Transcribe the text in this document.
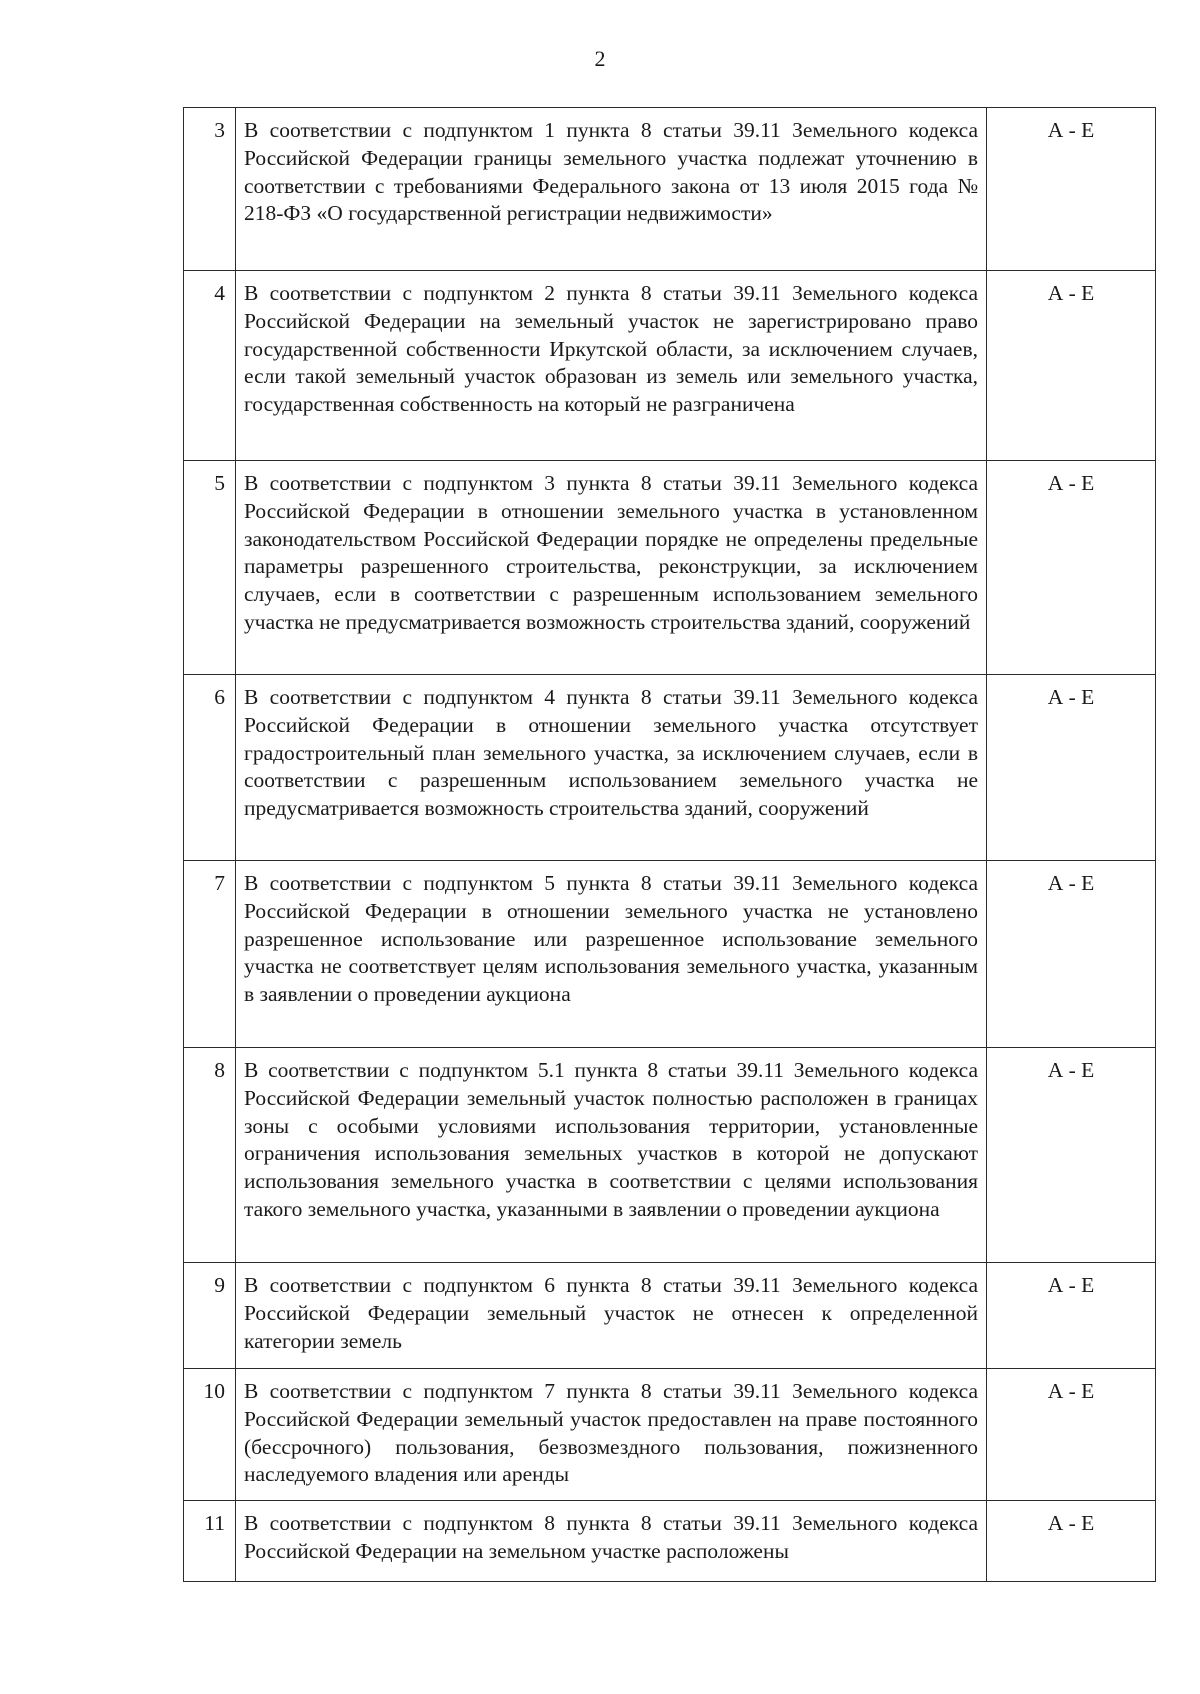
2
3	В соответствии с подпунктом 1 пункта 8 статьи 39.11 Земельного кодекса Российской Федерации границы земельного участка подлежат уточнению в соответствии с требованиями Федерального закона от 13 июля 2015 года № 218-ФЗ «О государственной регистрации недвижимости»	А - Е
4	В соответствии с подпунктом 2 пункта 8 статьи 39.11 Земельного кодекса Российской Федерации на земельный участок не зарегистрировано право государственной собственности Иркутской области, за исключением случаев, если такой земельный участок образован из земель или земельного участка, государственная собственность на который не разграничена	А - Е
5	В соответствии с подпунктом 3 пункта 8 статьи 39.11 Земельного кодекса Российской Федерации в отношении земельного участка в установленном законодательством Российской Федерации порядке не определены предельные параметры разрешенного строительства, реконструкции, за исключением случаев, если в соответствии с разрешенным использованием земельного участка не предусматривается возможность строительства зданий, сооружений	А - Е
6	В соответствии с подпунктом 4 пункта 8 статьи 39.11 Земельного кодекса Российской Федерации в отношении земельного участка отсутствует градостроительный план земельного участка, за исключением случаев, если в соответствии с разрешенным использованием земельного участка не предусматривается возможность строительства зданий, сооружений	А - Е
7	В соответствии с подпунктом 5 пункта 8 статьи 39.11 Земельного кодекса Российской Федерации в отношении земельного участка не установлено разрешенное использование или разрешенное использование земельного участка не соответствует целям использования земельного участка, указанным в заявлении о проведении аукциона	А - Е
8	В соответствии с подпунктом 5.1 пункта 8 статьи 39.11 Земельного кодекса Российской Федерации земельный участок полностью расположен в границах зоны с особыми условиями использования территории, установленные ограничения использования земельных участков в которой не допускают использования земельного участка в соответствии с целями использования такого земельного участка, указанными в заявлении о проведении аукциона	А - Е
9	В соответствии с подпунктом 6 пункта 8 статьи 39.11 Земельного кодекса Российской Федерации земельный участок не отнесен к определенной категории земель	А - Е
10	В соответствии с подпунктом 7 пункта 8 статьи 39.11 Земельного кодекса Российской Федерации земельный участок предоставлен на праве постоянного (бессрочного) пользования, безвозмездного пользования, пожизненного наследуемого владения или аренды	А - Е
11	В соответствии с подпунктом 8 пункта 8 статьи 39.11 Земельного кодекса Российской Федерации на земельном участке расположены	А - Е
